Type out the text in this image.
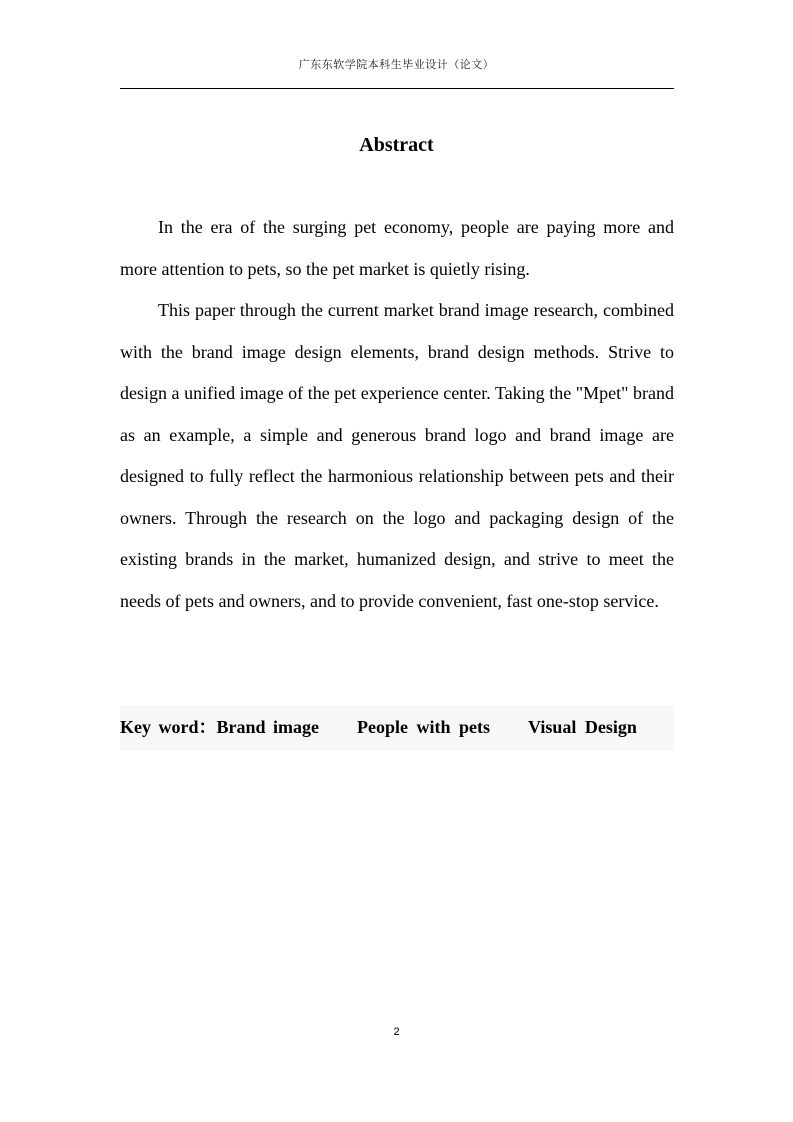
广东东软学院本科生毕业设计（论文）
Abstract

In the era of the surging pet economy, people are paying more and more attention to pets, so the pet market is quietly rising.

This paper through the current market brand image research, combined with the brand image design elements, brand design methods. Strive to design a unified image of the pet experience center. Taking the "Mpet" brand as an example, a simple and generous brand logo and brand image are designed to fully reflect the harmonious relationship between pets and their owners. Through the research on the logo and packaging design of the existing brands in the market, humanized design, and strive to meet the needs of pets and owners, and to provide convenient, fast one-stop service.

Key word：Brand image People with pets Visual Design
2
